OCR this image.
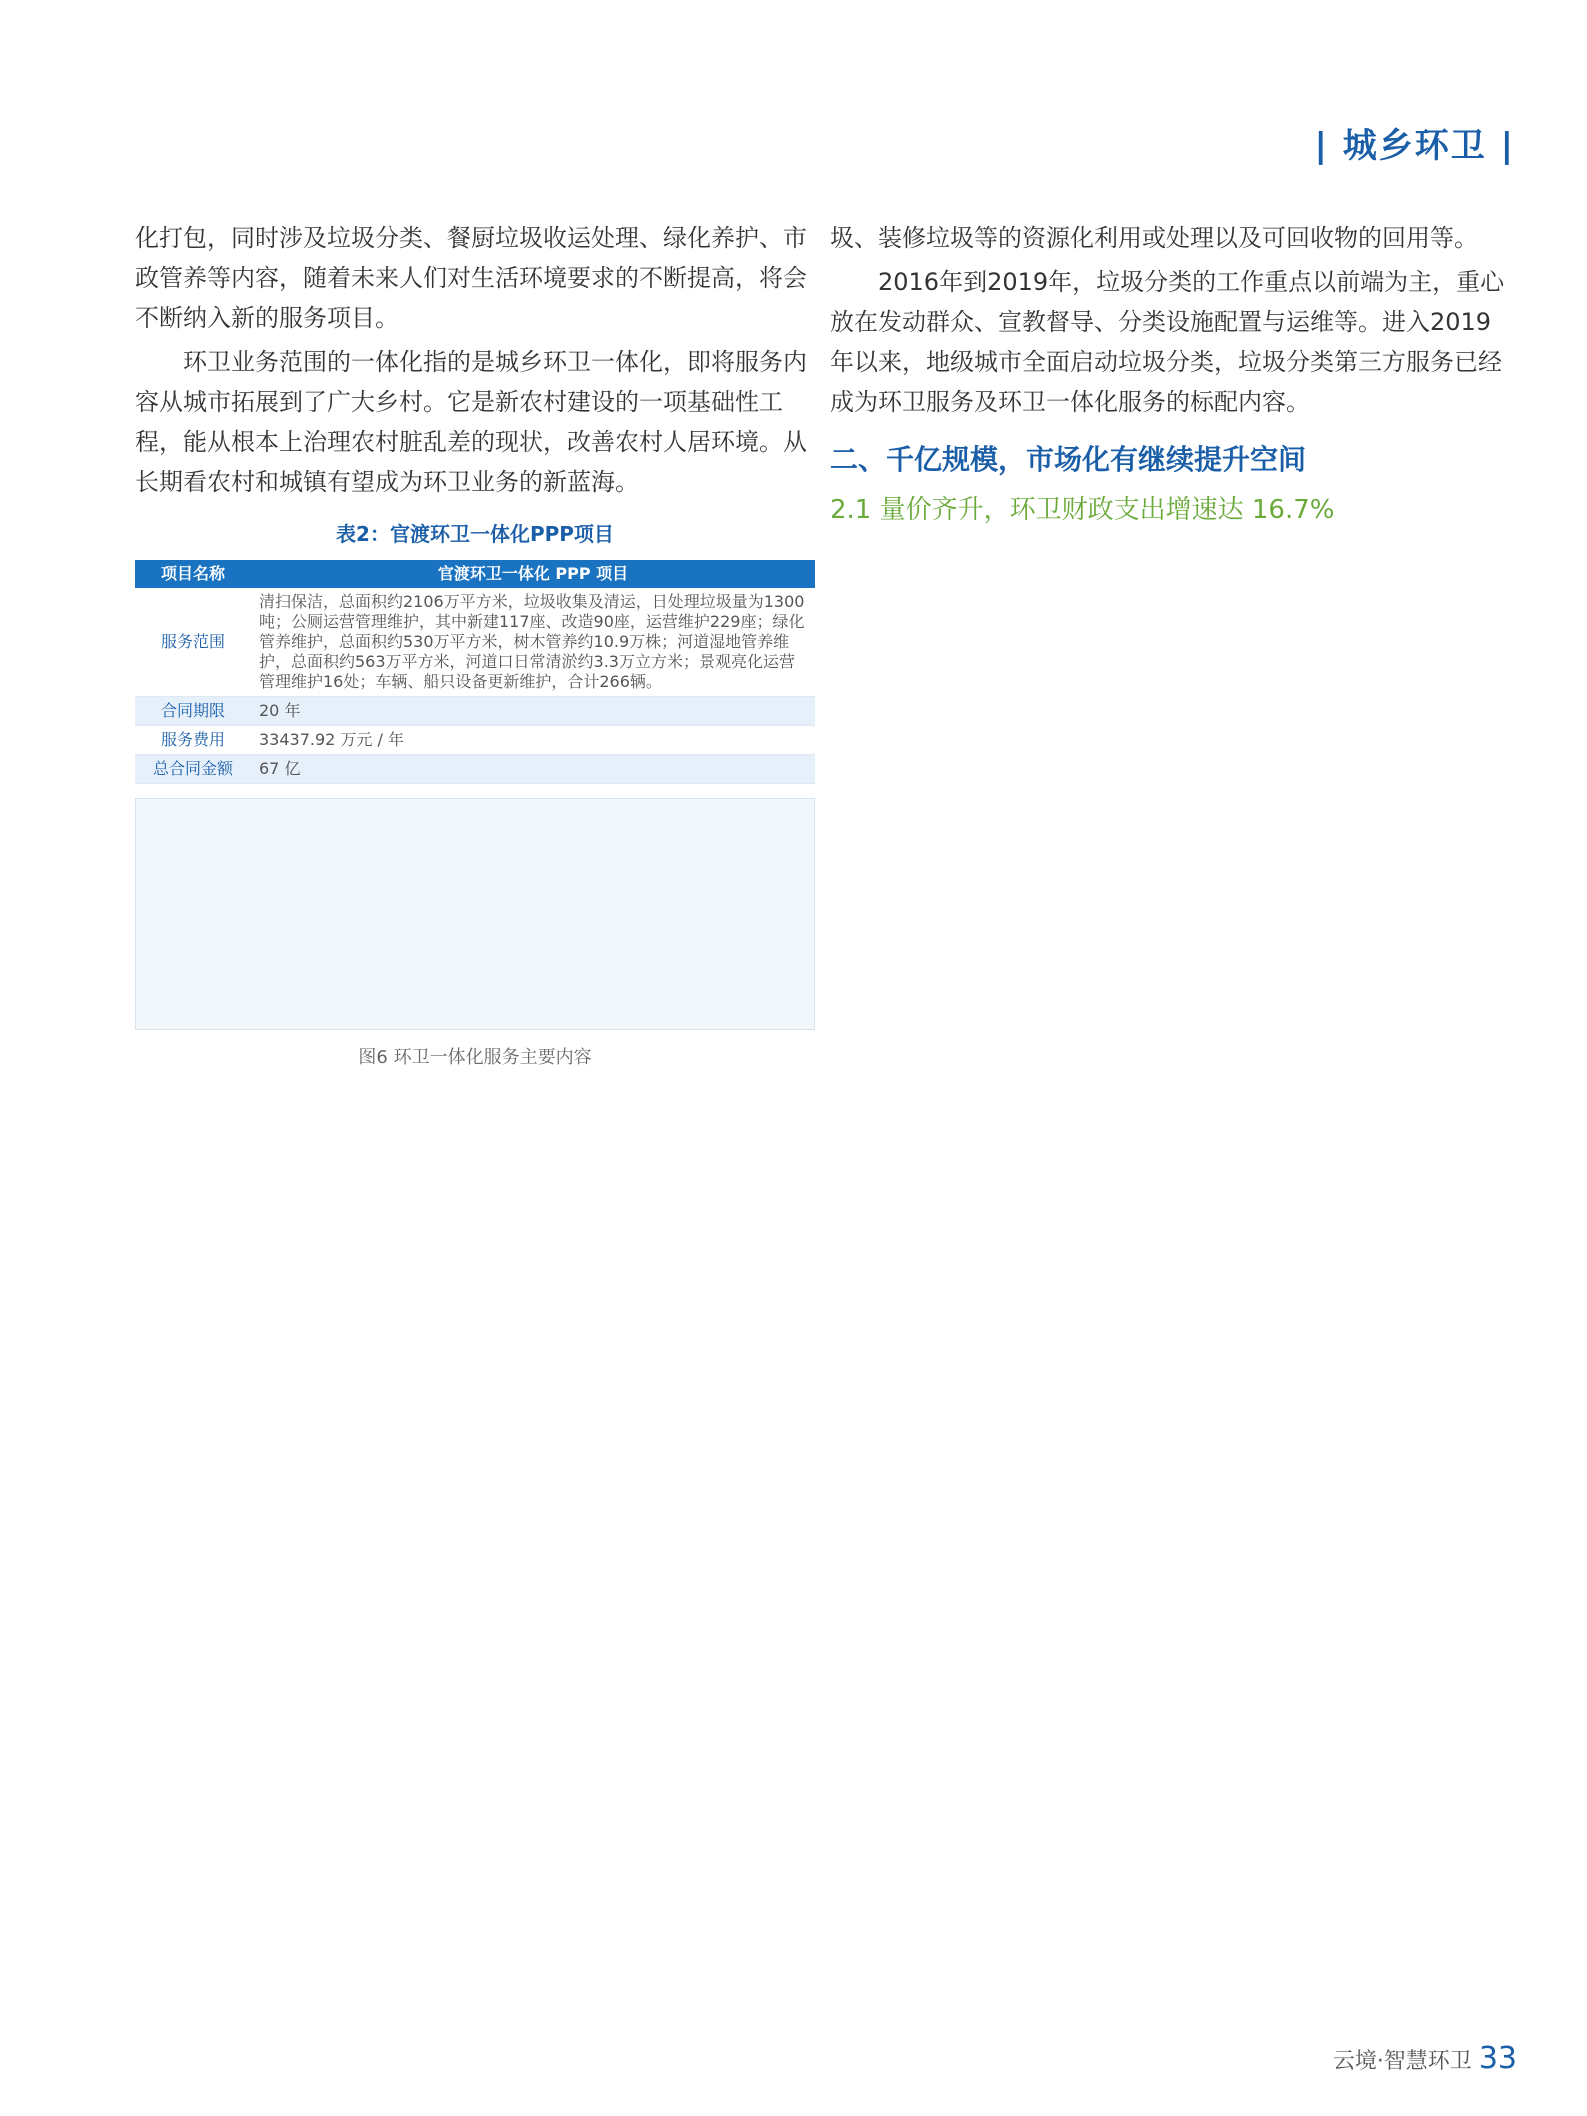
| 城乡环卫 |

化打包，同时涉及垃圾分类、餐厨垃圾收运处理、绿化养护、市政管养等内容，随着未来人们对生活环境要求的不断提高，将会不断纳入新的服务项目。

环卫业务范围的一体化指的是城乡环卫一体化，即将服务内容从城市拓展到了广大乡村。它是新农村建设的一项基础性工程，能从根本上治理农村脏乱差的现状，改善农村人居环境。从长期看农村和城镇有望成为环卫业务的新蓝海。

表2：官渡环卫一体化PPP项目
项目名称	官渡环卫一体化 PPP 项目
服务范围	清扫保洁，总面积约2106万平方米，垃圾收集及清运，日处理垃圾量为1300吨；公厕运营管理维护，其中新建117座、改造90座，运营维护229座；绿化管养维护，总面积约530万平方米，树木管养约10.9万株；河道湿地管养维护，总面积约563万平方米，河道口日常清淤约3.3万立方米；景观亮化运营管理维护16处；车辆、船只设备更新维护，合计266辆。
合同期限	20 年
服务费用	33437.92 万元 / 年
总合同金额	67 亿
图6 环卫一体化服务主要内容

圾、装修垃圾等的资源化利用或处理以及可回收物的回用等。

2016年到2019年，垃圾分类的工作重点以前端为主，重心放在发动群众、宣教督导、分类设施配置与运维等。进入2019年以来，地级城市全面启动垃圾分类，垃圾分类第三方服务已经成为环卫服务及环卫一体化服务的标配内容。

二、千亿规模，市场化有继续提升空间
2.1 量价齐升，环卫财政支出增速达 16.7%
云境·智慧环卫 33
